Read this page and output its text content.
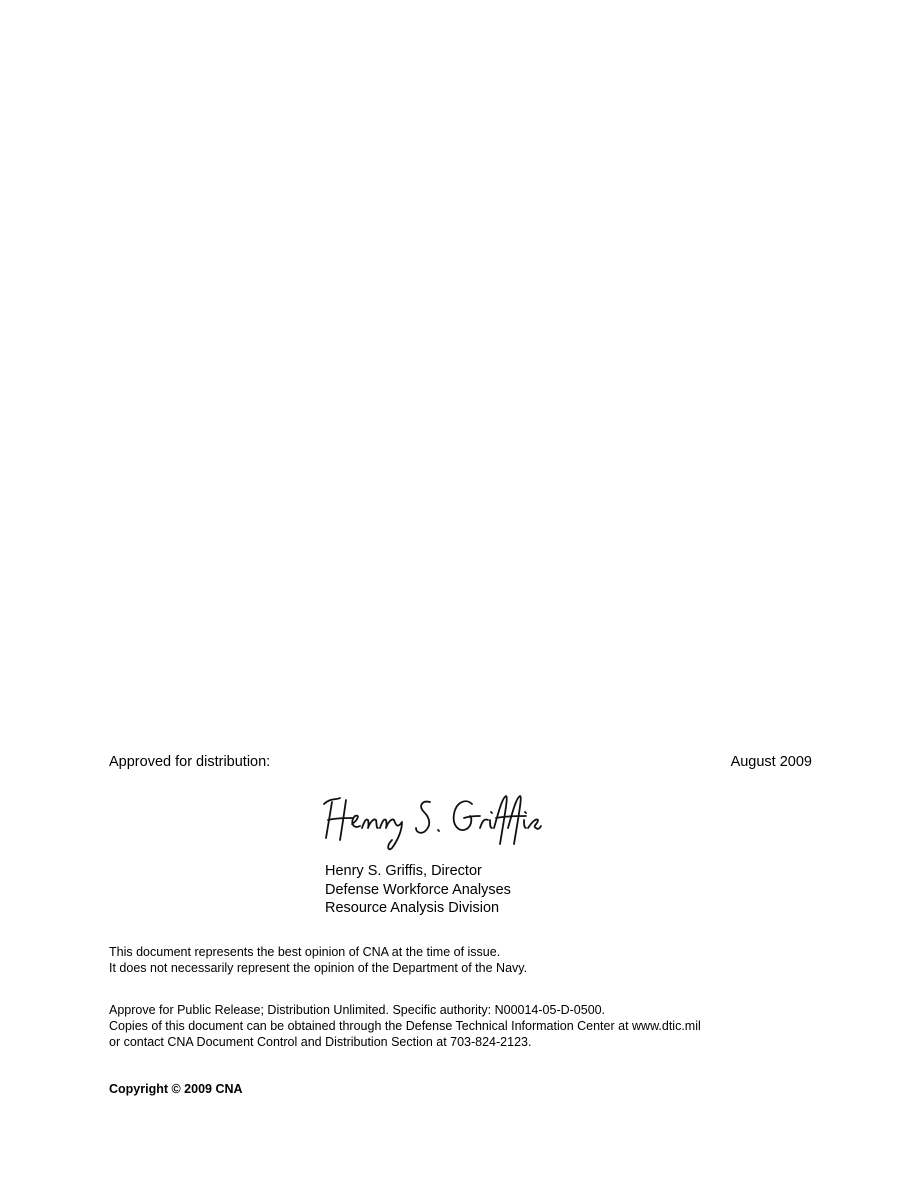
Approved for distribution:	August 2009
Henry S. Griffis, Director
Defense Workforce Analyses
Resource Analysis Division
This document represents the best opinion of CNA at the time of issue.
It does not necessarily represent the opinion of the Department of the Navy.
Approve for Public Release; Distribution Unlimited. Specific authority: N00014-05-D-0500.
Copies of this document can be obtained through the Defense Technical Information Center at www.dtic.mil
or contact CNA Document Control and Distribution Section at 703-824-2123.
Copyright © 2009 CNA
